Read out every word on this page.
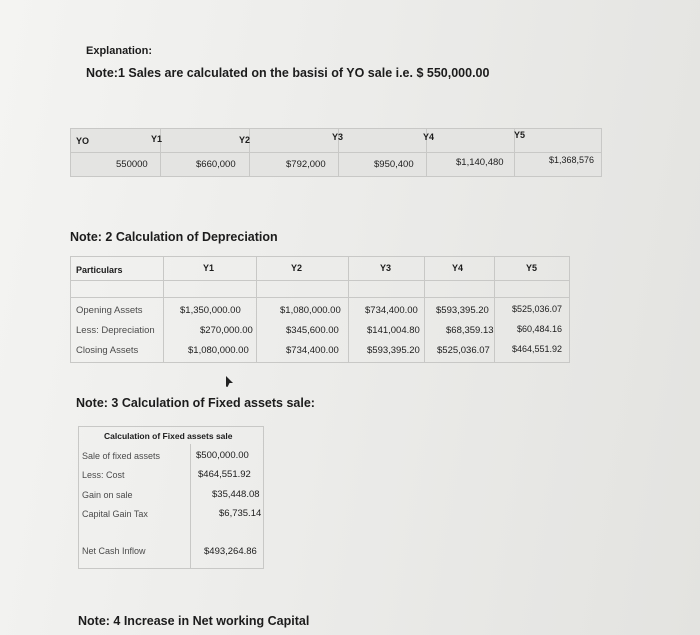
Explanation:
Note:1 Sales are calculated on the basisi of YO sale i.e. $ 550,000.00
YO	Y1	Y2	Y3	Y4	Y5
550000	$660,000	$792,000	$950,400	$1,140,480	$1,368,576
Note: 2 Calculation of Depreciation
Particulars	Y1	Y2	Y3	Y4	Y5
Opening Assets	$1,350,000.00	$1,080,000.00	$734,400.00 $593,395.20	$525,036.07
Less: Depreciation	$270,000.00	$345,600.00	$141,004.80	$68,359.13	$60,484.16
Closing Assets	$1,080,000.00	$734,400.00	$593,395.20 $525,036.07 $464,551.92
Note: 3 Calculation of Fixed assets sale:
Calculation of Fixed assets sale
Sale of fixed assets	$500,000.00
Less: Cost	$464,551.92
Gain on sale	$35,448.08
Capital Gain Tax	$6,735.14
Net Cash Inflow	$493,264.86
Note: 4 Increase in Net working Capital
